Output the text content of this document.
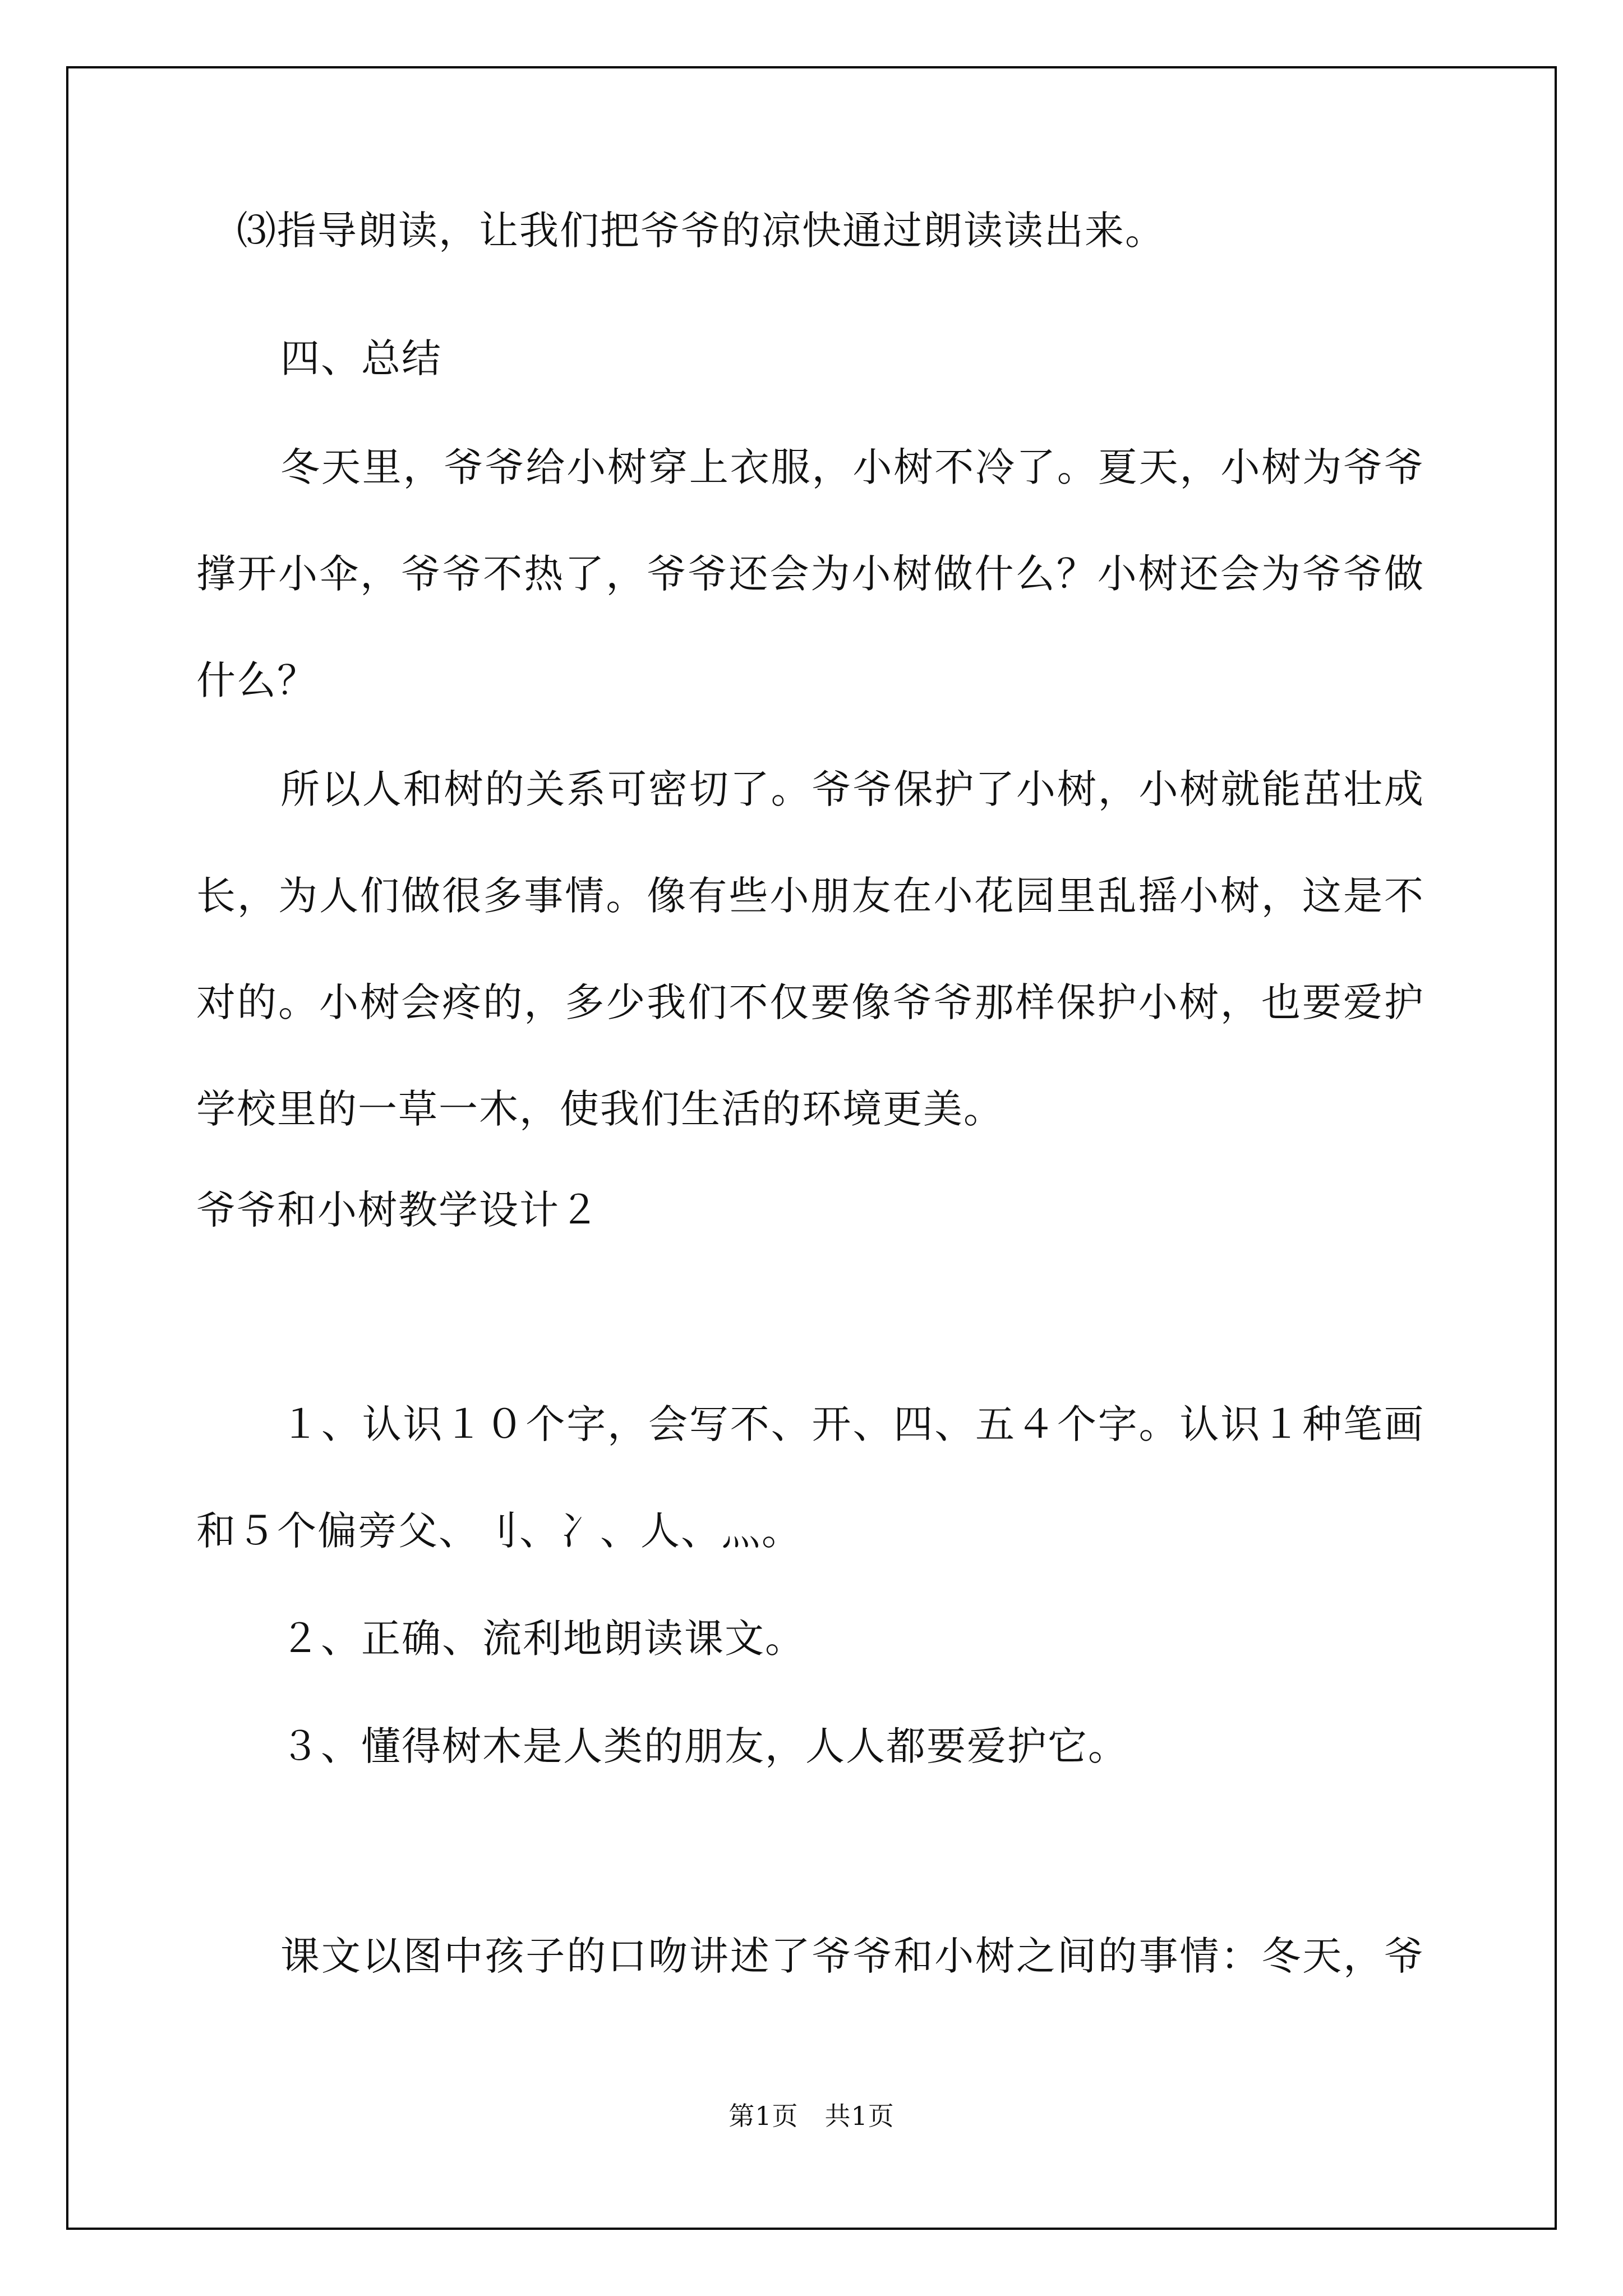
⑶指导朗读，让我们把爷爷的凉快通过朗读读出来。
四、总结
冬天里，爷爷给小树穿上衣服，小树不冷了。夏天，小树为爷爷
撑开小伞，爷爷不热了，爷爷还会为小树做什么？小树还会为爷爷做
什么？
所以人和树的关系可密切了。爷爷保护了小树，小树就能茁壮成
长，为人们做很多事情。像有些小朋友在小花园里乱摇小树，这是不
对的。小树会疼的，多少我们不仅要像爷爷那样保护小树，也要爱护
学校里的一草一木，使我们生活的环境更美。
爷爷和小树教学设计２
１、认识１０个字，会写不、开、四、五４个字。认识１种笔画
和５个偏旁父、刂、冫、人、灬。
２、正确、流利地朗读课文。
３、懂得树木是人类的朋友，人人都要爱护它。
课文以图中孩子的口吻讲述了爷爷和小树之间的事情：冬天，爷
第1页　共1页
